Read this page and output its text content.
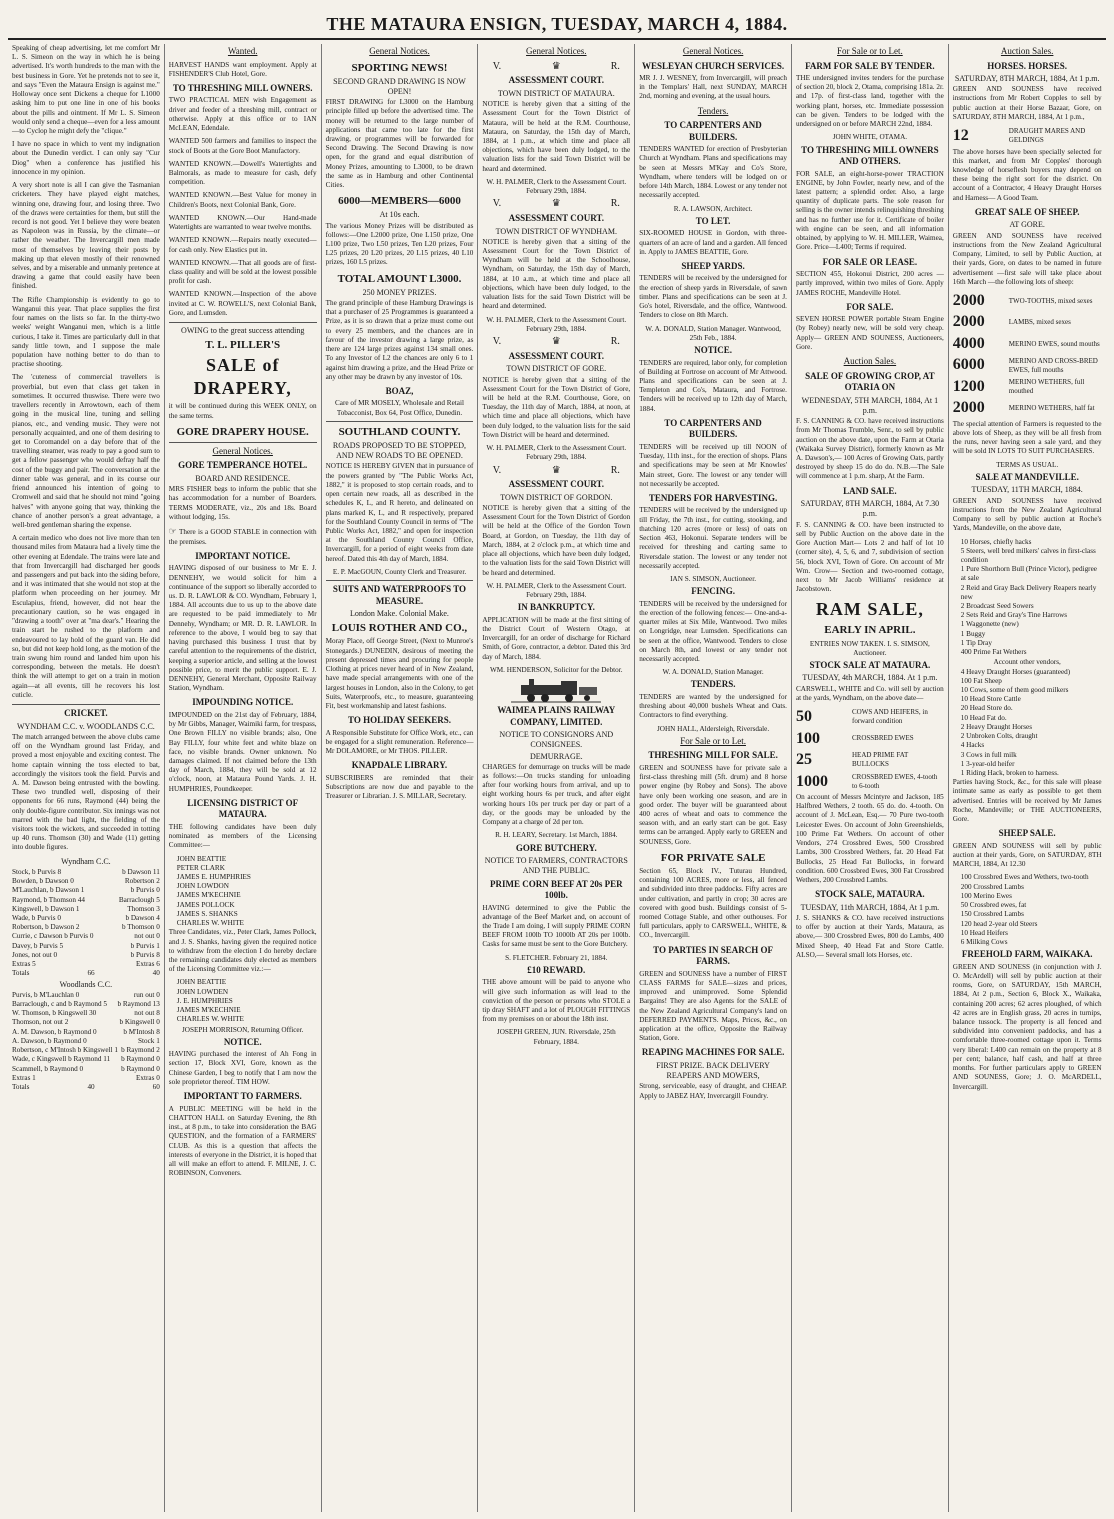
THE MATAURA ENSIGN, TUESDAY, MARCH 4, 1884.
Speaking of cheap advertising, let me comfort Mr L. S. Simeon on the way in which he is being advertised. It's worth hundreds to the man with the best business in Gore. Yet he pretends not to see it, and says "Even the Mataura Ensign is against me." Holloway once sent Dickens a cheque for L1000 asking him to put one line in one of his books about the pills and ointment. If Mr L. S. Simeon would only send a cheque—even for a less amount—to Cyclop he might defy the "clique."
I have no space in which to vent my indignation about the Dunedin verdict. I can only say "Cur Diog" when a conference has justified his innocence in my opinion.
A very short note is all I can give the Tasmanian cricketers. They have played eight matches, winning one, drawing four, and losing three. Two of the draws were certainties for them, but still the record is not good. Yet I believe they were beaten as Napoleon was in Russia, by the climate—or rather the weather. The Invercargill men made most of themselves by leaving their posts by making up that eleven mostly of their renowned selves, and by a miserable and unmanly pretence at drawing a game that could easily have been finished.
The Rifle Championship is evidently to go to Wanganui this year. That place supplies the first four names on the lists so far. In the thirty-two weeks' weight Wanganui men, which is a little curious, I take it. Times are particularly dull in that sandy little town, and I suppose the male population have nothing better to do than to practise shooting.
The 'cuteness of commercial travellers is proverbial, but even that class get taken in sometimes. It occurred thuswise. There were two travellers recently in Arrowtown, each of them going in the musical line, tuning and selling pianos, etc., and vending music. They were not personally acquainted, and one of them desiring to get to Coromandel on a day before that of the travelling steamer, was ready to pay a good sum to get a fellow passenger who would defray half the cost of the buggy and pair. The conversation at the dinner table was general, and in its course our friend announced his intention of going to Cromwell and said that he should not mind "going halves" with anyone going that way, thinking the chance of another person's a great advantage, a well-bred gentleman sharing the expense.
A certain medico who does not live more than ten thousand miles from Mataura had a lively time the other evening at Edendale. The trains were late and that from Invercargill had discharged her goods and passengers and put back into the siding before, and it was intimated that she would not stop at the platform when proceeding on her journey. Mr Esculapius, friend, however, did not hear the precautionary caution, so he was engaged in "drawing a tooth" over at "ma dear's." Hearing the train start he rushed to the platform and endeavoured to lay hold of the guard van. He did so, but did not keep hold long, as the motion of the train swung him round and landed him upon his corresponding, between the metals. He doesn't think the will attempt to get on a train in motion again—at all events, till he recovers his lost cuticle.
CRICKET.
WYNDHAM C.C. v. WOODLANDS C.C.
The match arranged between the above clubs came off on the Wyndham ground last Friday, and proved a most enjoyable and exciting contest. The home captain winning the toss elected to bat, accordingly the visitors took the field. Purvis and A. M. Dawson being entrusted with the bowling. These two trundled well, disposing of their opponents for 66 runs, Raymond (44) being the only double-figure contributor. Six innings was not marred with the bad light, the fielding of the visitors took the wickets, and succeeded in totting up 40 runs. Thomson (30) and Wade (11) getting into double figures.
Wyndham C.C.
Stock, b Purvis 8	b Dawson 11
Bowden, b Dawson 0	Robertson 2
M'Lauchlan, b Dawson 1	b Purvis 0
Raymond, b Thomson 44	Barraclough 5
Kingswell, b Dawson 1	Thomson 3
Wade, b Purvis 0	b Dawson 4
Robertson, b Dawson 2	b Thomson 0
Currie, c Dawson b Purvis 0	not out 0
Davey, b Purvis 5	b Purvis 1
Jones, not out 0	b Purvis 8
Extras 5	Extras 6
Totals	66	40
Woodlands C.C.
Purvis, b M'Lauchlan 0	run out 0
Barraclough, c and b Raymond 5 b Raymond 13
W. Thomson, b Kingswell 30	not out 8
Thomson, not out 2	b Kingswell 0
A. M. Dawson, b Raymond 0	b M'Intosh 8
A. Dawson, b Raymond 0	Stock 1
Robertson, c M'Intosh b Kingswell 1 b Raymond 2
Wade, c Kingswell b Raymond 11 b Raymond 0
Scammell, b Raymond 0	b Raymond 0
Extras 1	Extras 0
Totals	40	60
Wanted.
HARVEST HANDS want employment. Apply at FISHENDER'S Club Hotel, Gore.
TO THRESHING MILL OWNERS.
TWO PRACTICAL MEN wish Engagement as driver and feeder of a threshing mill, contract or otherwise. Apply at this office or to IAN McLEAN, Edendale.
WANTED 500 farmers and families to inspect the stock of Boots at the Gore Boot Manufactory.
WANTED KNOWN.—Dowell's Watertights and Balmorals, as made to measure for cash, defy competition.
WANTED KNOWN.—Best Value for money in Children's Boots, next Colonial Bank, Gore.
WANTED KNOWN.—Our Hand-made Watertights are warranted to wear twelve months.
WANTED KNOWN.—Repairs neatly executed—for cash only. New Elastics put in.
WANTED KNOWN.—That all goods are of first-class quality and will be sold at the lowest possible profit for cash.
WANTED KNOWN.—Inspection of the above invited at C. W. ROWELL'S, next Colonial Bank, Gore, and Lumsden.
OWING to the great success attending
T. L. PILLER'S
SALE of DRAPERY,
it will be continued during this WEEK ONLY, on the same terms.
GORE DRAPERY HOUSE.
General Notices.
GORE TEMPERANCE HOTEL.
BOARD AND RESIDENCE.
MRS FISHER begs to inform the public that she has accommodation for a number of Boarders. TERMS MODERATE, viz., 20s and 18s. Board without lodging, 15s.
☞ There is a GOOD STABLE in connection with the premises.
IMPORTANT NOTICE.
HAVING disposed of our business to Mr E. J. DENNEHY, we would solicit for him a continuance of the support so liberally accorded to us. D. R. LAWLOR & CO. Wyndham, February 1, 1884. All accounts due to us up to the above date are requested to be paid immediately to Mr Dennehy, Wyndham; or MR. D. R. LAWLOR. In reference to the above, I would beg to say that having purchased this business I trust that by careful attention to the requirements of the district, keeping a superior article, and selling at the lowest possible price, to merit the public support. E. J. DENNEHY, General Merchant, Opposite Railway Station, Wyndham.
IMPOUNDING NOTICE.
IMPOUNDED on the 21st day of February, 1884, by Mr Gibbs, Manager, Waimiki farm, for trespass, One Brown FILLY no visible brands; also, One Bay FILLY, four white feet and white blaze on face, no visible brands. Owner unknown. No damages claimed. If not claimed before the 13th day of March, 1884, they will be sold at 12 o'clock, noon, at Mataura Pound Yards. J. H. HUMPHRIES, Poundkeeper.
LICENSING DISTRICT OF MATAURA.
THE following candidates have been duly nominated as members of the Licensing Committee:—
JOHN BEATTIE
PETER CLARK
JAMES E. HUMPHRIES
JOHN LOWDON
JAMES M'KECHNIE
JAMES POLLOCK
JAMES S. SHANKS
CHARLES W. WHITE
Three Candidates, viz., Peter Clark, James Pollock, and J. S. Shanks, having given the required notice to withdraw from the election I do hereby declare the remaining candidates duly elected as members of the Licensing Committee viz.:—
JOHN BEATTIE
JOHN LOWDEN
J. E. HUMPHRIES
JAMES M'KECHNIE
CHARLES W. WHITE
JOSEPH MORRISON, Returning Officer.
NOTICE.
HAVING purchased the interest of Ah Fong in section 17, Block XVI, Gore, known as the Chinese Garden, I beg to notify that I am now the sole proprietor thereof. TIM HOW.
IMPORTANT TO FARMERS.
A PUBLIC MEETING will be held in the CHATTON HALL on Saturday Evening, the 8th inst., at 8 p.m., to take into consideration the BAG QUESTION, and the formation of a FARMERS' CLUB. As this is a question that affects the interests of everyone in the District, it is hoped that all will make an effort to attend. F. MILNE, J. C. ROBINSON, Conveners.
General Notices.
SPORTING NEWS!
SECOND GRAND DRAWING IS NOW OPEN!
FIRST DRAWING for L3000 on the Hamburg principle filled up before the advertised time. The money will be returned to the large number of applications that came too late for the first drawing, or programmes will be forwarded for Second Drawing. The Second Drawing is now open, for the grand and equal distribution of Money Prizes, amounting to L3000, to be drawn the same as in Hamburg and other Continental Cities.
6000—MEMBERS—6000
At 10s each.
The various Money Prizes will be distributed as follows:—One L2000 prize, One L150 prize, One L100 prize, Two L50 prizes, Ten L20 prizes, Four L25 prizes, 20 L20 prizes, 20 L15 prizes, 40 L10 prizes, 160 L5 prizes.
TOTAL AMOUNT L3000.
250 MONEY PRIZES.
The grand principle of these Hamburg Drawings is that a purchaser of 25 Programmes is guaranteed a Prize, as it is so drawn that a prize must come out to every 25 members, and the chances are in favour of the investor drawing a large prize, as there are 124 large prizes against 134 small ones. To any Investor of L2 the chances are only 6 to 1 against him drawing a prize, and the Head Prize or any other may be drawn by any investor of 10s.
BOAZ,
Care of MR MOSELY, Wholesale and Retail Tobacconist, Box 64, Post Office, Dunedin.
SOUTHLAND COUNTY.
ROADS PROPOSED TO BE STOPPED, AND NEW ROADS TO BE OPENED.
NOTICE IS HEREBY GIVEN that in pursuance of the powers granted by "The Public Works Act, 1882," it is proposed to stop certain roads, and to open certain new roads, all as described in the schedules K, L, and R hereto, and delineated on plans marked K, L, and R respectively, prepared for the Southland County Council in terms of "The Public Works Act, 1882," and open for inspection at the Southland County Council Office, Invercargill, for a period of eight weeks from date hereof. Dated this 4th day of March, 1884.
E. P. MacGOUN, County Clerk and Treasurer.
SUITS AND WATERPROOFS TO MEASURE.
London Make. Colonial Make.
LOUIS ROTHER AND CO.,
Moray Place, off George Street, (Next to Munroe's Stonegards.) DUNEDIN, desirous of meeting the present depressed times and procuring for people Clothing at prices never heard of in New Zealand, have made special arrangements with one of the largest houses in London, also in the Colony, to get Suits, Waterproofs, etc., to measure, guaranteeing Fit, best workmanship and latest fashions.
TO HOLIDAY SEEKERS.
A Responsible Substitute for Office Work, etc., can be engaged for a slight remuneration. Reference—Mr DOLAMORE, or Mr THOS. PILLER.
KNAPDALE LIBRARY.
SUBSCRIBERS are reminded that their Subscriptions are now due and payable to the Treasurer or Librarian. J. S. MILLAR, Secretary.
General Notices.
V.	♛	R.
ASSESSMENT COURT.
TOWN DISTRICT OF MATAURA.
NOTICE is hereby given that a sitting of the Assessment Court for the Town District of Mataura, will be held at the R.M. Courthouse, Mataura, on Saturday, the 15th day of March, 1884, at 1 p.m., at which time and place all objections, which have been duly lodged, to the valuation lists for the said Town District will be heard and determined.
W. H. PALMER, Clerk to the Assessment Court. February 29th, 1884.
V.	♛	R.
ASSESSMENT COURT.
TOWN DISTRICT OF WYNDHAM.
NOTICE is hereby given that a sitting of the Assessment Court for the Town District of Wyndham will be held at the Schoolhouse, Wyndham, on Saturday, the 15th day of March, 1884, at 10 a.m., at which time and place all objections, which have been duly lodged, to the valuation lists for the said Town District will be heard and determined.
W. H. PALMER, Clerk to the Assessment Court. February 29th, 1884.
V.	♛	R.
ASSESSMENT COURT.
TOWN DISTRICT OF GORE.
NOTICE is hereby given that a sitting of the Assessment Court for the Town District of Gore, will be held at the R.M. Courthouse, Gore, on Tuesday, the 11th day of March, 1884, at noon, at which time and place all objections, which have been duly lodged, to the valuation lists for the said Town District will be heard and determined.
W. H. PALMER, Clerk to the Assessment Court. February 29th, 1884.
V.	♛	R.
ASSESSMENT COURT.
TOWN DISTRICT OF GORDON.
NOTICE is hereby given that a sitting of the Assessment Court for the Town District of Gordon will be held at the Office of the Gordon Town Board, at Gordon, on Tuesday, the 11th day of March, 1884, at 2 o'clock p.m., at which time and place all objections, which have been duly lodged, to the valuation lists for the said Town District will be heard and determined.
W. H. PALMER, Clerk to the Assessment Court. February 29th, 1884.
IN BANKRUPTCY.
APPLICATION will be made at the first sitting of the District Court of Western Otago, at Invercargill, for an order of discharge for Richard Smith, of Gore, contractor, a debtor. Dated this 3rd day of March, 1884.
WM. HENDERSON, Solicitor for the Debtor.
WAIMEA PLAINS RAILWAY COMPANY, LIMITED.
NOTICE TO CONSIGNORS AND CONSIGNEES.
DEMURRAGE.
CHARGES for demurrage on trucks will be made as follows:—On trucks standing for unloading after four working hours from arrival, and up to eight working hours 6s per truck, and after eight working hours 10s per truck per day or part of a day, or the goods may be unloaded by the Company at a charge of 2d per ton.
R. H. LEARY, Secretary. 1st March, 1884.
GORE BUTCHERY.
NOTICE TO FARMERS, CONTRACTORS AND THE PUBLIC.
PRIME CORN BEEF AT 20s PER 100lb.
HAVING determined to give the Public the advantage of the Beef Market and, on account of the Trade I am doing, I will supply PRIME CORN BEEF FROM 100lb TO 1000lb AT 20s per 100lb. Casks for same must be sent to the Gore Butchery.
S. FLETCHER. February 21, 1884.
£10 REWARD.
THE above amount will be paid to anyone who will give such information as will lead to the conviction of the person or persons who STOLE a tip dray SHAFT and a lot of PLOUGH FITTINGS from my premises on or about the 18th inst.
JOSEPH GREEN, JUN. Riversdale, 25th February, 1884.
General Notices.
WESLEYAN CHURCH SERVICES.
MR J. J. WESNEY, from Invercargill, will preach in the Templars' Hall, next SUNDAY, MARCH 2nd, morning and evening, at the usual hours.
Tenders.
TO CARPENTERS AND BUILDERS.
TENDERS WANTED for erection of Presbyterian Church at Wyndham. Plans and specifications may be seen at Messrs M'Kay and Co's Store, Wyndham, where tenders will be lodged on or before 14th March, 1884. Lowest or any tender not necessarily accepted.
R. A. LAWSON, Architect.
TO LET.
SIX-ROOMED HOUSE in Gordon, with three-quarters of an acre of land and a garden. All fenced in. Apply to JAMES BEATTIE, Gore.
SHEEP YARDS.
TENDERS will be received by the undersigned for the erection of sheep yards in Riversdale, of sawn timber. Plans and specifications can be seen at J. Go's hotel, Riversdale, and the office, Wantwood. Tenders to close on 8th March.
W. A. DONALD, Station Manager. Wantwood, 25th Feb., 1884.
NOTICE.
TENDERS are required, labor only, for completion of Building at Fortrose on account of Mr Attwood. Plans and specifications can be seen at J. Templeton and Co's, Mataura, and Fortrose. Tenders will be received up to 12th day of March, 1884.
TO CARPENTERS AND BUILDERS.
TENDERS will be received up till NOON of Tuesday, 11th inst., for the erection of shops. Plans and specifications may be seen at Mr Knowles' Main street, Gore. The lowest or any tender will not necessarily be accepted.
TENDERS FOR HARVESTING.
TENDERS will be received by the undersigned up till Friday, the 7th inst., for cutting, stooking, and thatching 120 acres (more or less) of oats on Section 463, Hokonui. Separate tenders will be received for threshing and carting same to Riversdale station. The lowest or any tender not necessarily accepted.
IAN S. SIMSON, Auctioneer.
FENCING.
TENDERS will be received by the undersigned for the erection of the following fences:— One-and-a-quarter miles at Six Mile, Wantwood. Two miles on Longridge, near Lumsden. Specifications can be seen at the office, Wantwood. Tenders to close on March 8th, and lowest or any tender not necessarily accepted.
W. A. DONALD, Station Manager.
TENDERS.
TENDERS are wanted by the undersigned for threshing about 40,000 bushels Wheat and Oats. Contractors to find everything.
JOHN HALL, Aldersleigh, Riversdale.
For Sale or to Let.
THRESHING MILL FOR SALE.
GREEN and SOUNESS have for private sale a first-class threshing mill (5ft. drum) and 8 horse power engine (by Robey and Sons). The above have only been working one season, and are in good order. The buyer will be guaranteed about 400 acres of wheat and oats to commence the season with, and an early start can be got. Easy terms can be arranged. Apply early to GREEN and SOUNESS, Gore.
FOR PRIVATE SALE
Section 65, Block IV., Tuturau Hundred, containing 100 ACRES, more or less, all fenced and subdivided into three paddocks. Fifty acres are under cultivation, and partly in crop; 30 acres are covered with good bush. Buildings consist of 5-roomed Cottage Stable, and other outhouses. For full particulars, apply to CARSWELL, WHITE, & CO., Invercargill.
TO PARTIES IN SEARCH OF FARMS.
GREEN and SOUNESS have a number of FIRST CLASS FARMS for SALE—sizes and prices, improved and unimproved. Some Splendid Bargains! They are also Agents for the SALE of the New Zealand Agricultural Company's land on DEFERRED PAYMENTS. Maps, Prices, &c., on application at the office, Opposite the Railway Station, Gore.
REAPING MACHINES FOR SALE.
FIRST PRIZE. BACK DELIVERY REAPERS AND MOWERS,
Strong, serviceable, easy of draught, and CHEAP. Apply to JABEZ HAY, Invercargill Foundry.
For Sale or to Let.
FARM FOR SALE BY TENDER.
THE undersigned invites tenders for the purchase of section 20, block 2, Otama, comprising 181a. 2r. and 17p. of first-class land, together with the working plant, horses, etc. Immediate possession can be given. Tenders to be lodged with the undersigned on or before MARCH 22nd, 1884.
JOHN WHITE, OTAMA.
TO THRESHING MILL OWNERS AND OTHERS.
FOR SALE, an eight-horse-power TRACTION ENGINE, by John Fowler, nearly new, and of the latest pattern; a splendid order. Also, a large quantity of duplicate parts. The sole reason for selling is the owner intends relinquishing threshing and has no further use for it. Certificate of boiler with engine can be seen, and all information obtained, by applying to W. H. MILLER, Waimea, Gore. Price—L400; Terms if required.
FOR SALE OR LEASE.
SECTION 455, Hokonui District, 200 acres —partly improved, within two miles of Gore. Apply JAMES ROCHE, Mandeville Hotel.
FOR SALE.
SEVEN HORSE POWER portable Steam Engine (by Robey) nearly new, will be sold very cheap. Apply— GREEN AND SOUNESS, Auctioneers, Gore.
Auction Sales.
SALE OF GROWING CROP, AT OTARIA ON
WEDNESDAY, 5TH MARCH, 1884, At 1 p.m.
F. S. CANNING & CO. have received instructions from Mr Thomas Trumble, Senr., to sell by public auction on the above date, upon the Farm at Otaria (Waikaka Survey District), formerly known as Mr A. Dawson's,— 100 Acres of Growing Oats, partly destroyed by sheep 15 do do do. N.B.—The Sale will commence at 1 p.m. sharp, At the Farm.
LAND SALE.
SATURDAY, 8TH MARCH, 1884, At 7.30 p.m.
F. S. CANNING & CO. have been instructed to sell by Public Auction on the above date in the Gore Auction Mart— Lots 2 and half of lot 10 (corner site), 4, 5, 6, and 7, subdivision of section 56, block XVI, Town of Gore. On account of Mr Wm. Crow— Section and two-roomed cottage, next to Mr Jacob Williams' residence at Jacobstown.
RAM SALE,
EARLY IN APRIL.
ENTRIES NOW TAKEN. I. S. SIMSON, Auctioneer.
STOCK SALE AT MATAURA.
TUESDAY, 4th MARCH, 1884. At 1 p.m.
CARSWELL, WHITE and Co. will sell by auction at the yards, Wyndham, on the above date—
50	COWS AND HEIFERS, in forward condition
100	CROSSBRED EWES
25	HEAD PRIME FAT BULLOCKS
1000	CROSSBRED EWES, 4-tooth to 6-tooth
On account of Messrs Mcintyre and Jackson, 185 Halfbred Wethers, 2 tooth. 65 do. do. 4-tooth. On account of J. McLean, Esq.— 70 Pure two-tooth Leicester Ewes. On account of John Greenshields, 100 Prime Fat Wethers. On account of other Vendors, 274 Crossbred Ewes, 500 Crossbred Lambs, 300 Crossbred Wethers, fat. 20 Head Fat Bullocks, 25 Head Fat Bullocks, in forward condition. 600 Crossbred Ewes, 300 Fat Crossbred Wethers, 200 Crossbred Lambs.
STOCK SALE, MATAURA.
TUESDAY, 11th MARCH, 1884, At 1 p.m.
J. S. SHANKS & CO. have received instructions to offer by auction at their Yards, Mataura, as above,— 300 Crossbred Ewes, 800 do Lambs, 400 Mixed Sheep, 40 Head Fat and Store Cattle. ALSO,— Several small lots Horses, etc.
Auction Sales.
HORSES. HORSES.
SATURDAY, 8TH MARCH, 1884, At 1 p.m.
GREEN AND SOUNESS have received instructions from Mr Robert Copples to sell by public auction at their Horse Bazaar, Gore, on SATURDAY, 8TH MARCH, 1884, At 1 p.m.,
12	DRAUGHT MARES AND GELDINGS
The above horses have been specially selected for this market, and from Mr Copples' thorough knowledge of horseflesh buyers may depend on these being the right sort for the district. On account of a Contractor, 4 Heavy Draught Horses and Harness— A Good Team.
GREAT SALE OF SHEEP.
AT GORE.
GREEN AND SOUNESS have received instructions from the New Zealand Agricultural Company, Limited, to sell by Public Auction, at their yards, Gore, on dates to be named in future advertisement —first sale will take place about 16th March —the following lots of sheep:
2000	TWO-TOOTHS, mixed sexes
2000	LAMBS, mixed sexes
4000	MERINO EWES, sound mouths
6000	MERINO AND CROSS-BRED EWES, full mouths
1200	MERINO WETHERS, full mouthed
2000	MERINO WETHERS, half fat
The special attention of Farmers is requested to the above lots of Sheep, as they will be all fresh from the runs, never having seen a sale yard, and they will be sold IN LOTS TO SUIT PURCHASERS.
TERMS AS USUAL.
SALE AT MANDEVILLE.
TUESDAY, 11TH MARCH, 1884.
GREEN AND SOUNESS have received instructions from the New Zealand Agricultural Company to sell by public auction at Roche's Yards, Mandeville, on the above date,
10 Horses, chiefly hacks
5 Steers, well bred milkers' calves in first-class condition
1 Pure Shorthorn Bull (Prince Victor), pedigree at sale
2 Reid and Gray Back Delivery Reapers nearly new
2 Broadcast Seed Sowers
2 Sets Reid and Gray's Tine Harrows
1 Waggonette (new)
1 Buggy
1 Tip Dray
400 Prime Fat Wethers
Account other vendors,
4 Heavy Draught Horses (guaranteed)
100 Fat Sheep
10 Cows, some of them good milkers
10 Head Store Cattle
20 Head Store do.
10 Head Fat do.
2 Heavy Draught Horses
2 Unbroken Colts, draught
4 Hacks
3 Cows in full milk
1 3-year-old heifer
1 Riding Hack, broken to harness.
Parties having Stock, &c., for this sale will please intimate same as early as possible to get them advertised. Entries will be received by Mr James Roche, Mandeville; or THE AUCTIONEERS, Gore.
SHEEP SALE.
GREEN AND SOUNESS will sell by public auction at their yards, Gore, on SATURDAY, 8TH MARCH, 1884, At 12.30
100 Crossbred Ewes and Wethers, two-tooth
200 Crossbred Lambs
100 Merino Ewes
50 Crossbred ewes, fat
150 Crossbred Lambs
120 head 2-year old Steers
10 Head Heifers
6 Milking Cows
FREEHOLD FARM, WAIKAKA.
GREEN AND SOUNESS (in conjunction with J. O. McArdell) will sell by public auction at their rooms, Gore, on SATURDAY, 15th MARCH, 1884, At 2 p.m., Section 6, Block X., Waikaka, containing 200 acres; 62 acres ploughed, of which 42 acres are in English grass, 20 acres in turnips, balance tussock. The property is all fenced and subdivided into convenient paddocks, and has a comfortable three-roomed cottage upon it. Terms very liberal: L400 can remain on the property at 8 per cent; balance, half cash, and half at three months. For further particulars apply to GREEN AND SOUNESS, Gore; J. O. McARDELL, Invercargill.
